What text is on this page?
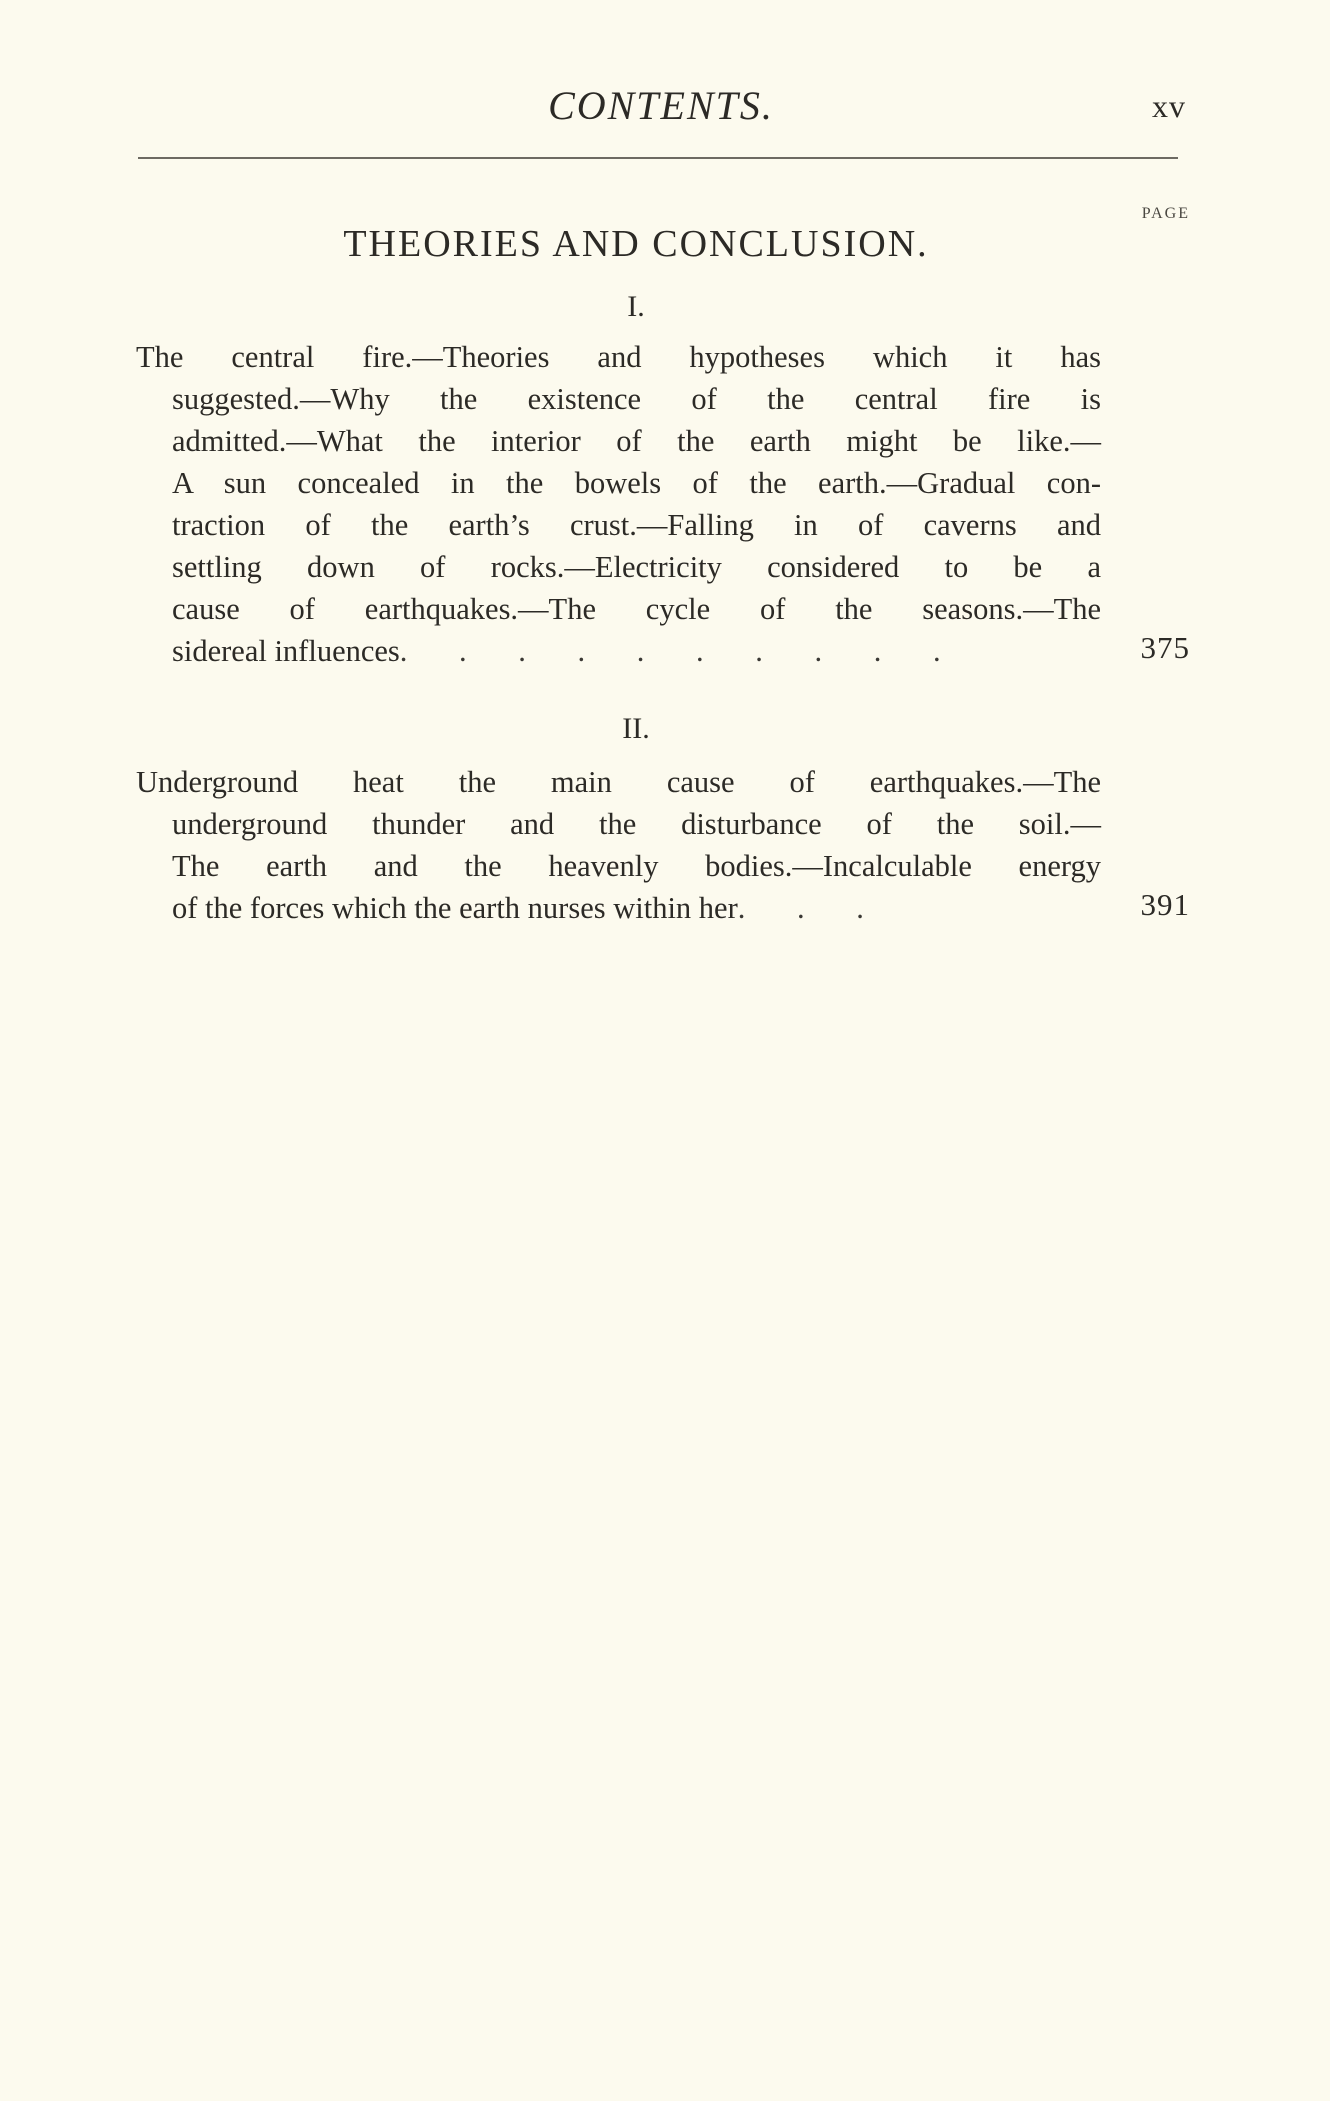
CONTENTS.	xv
PAGE
THEORIES AND CONCLUSION.
I.
The central fire.—Theories and hypotheses which it has
suggested.—Why the existence of the central fire is
admitted.—What the interior of the earth might be like.—
A sun concealed in the bowels of the earth.—Gradual con-
traction of the earth’s crust.—Falling in of caverns and
settling down of rocks.—Electricity considered to be a
cause of earthquakes.—The cycle of the seasons.—The
sidereal influences . . . . . . . . . .	375
II.
Underground heat the main cause of earthquakes.—The
underground thunder and the disturbance of the soil.—
The earth and the heavenly bodies.—Incalculable energy
of the forces which the earth nurses within her . . .	391
